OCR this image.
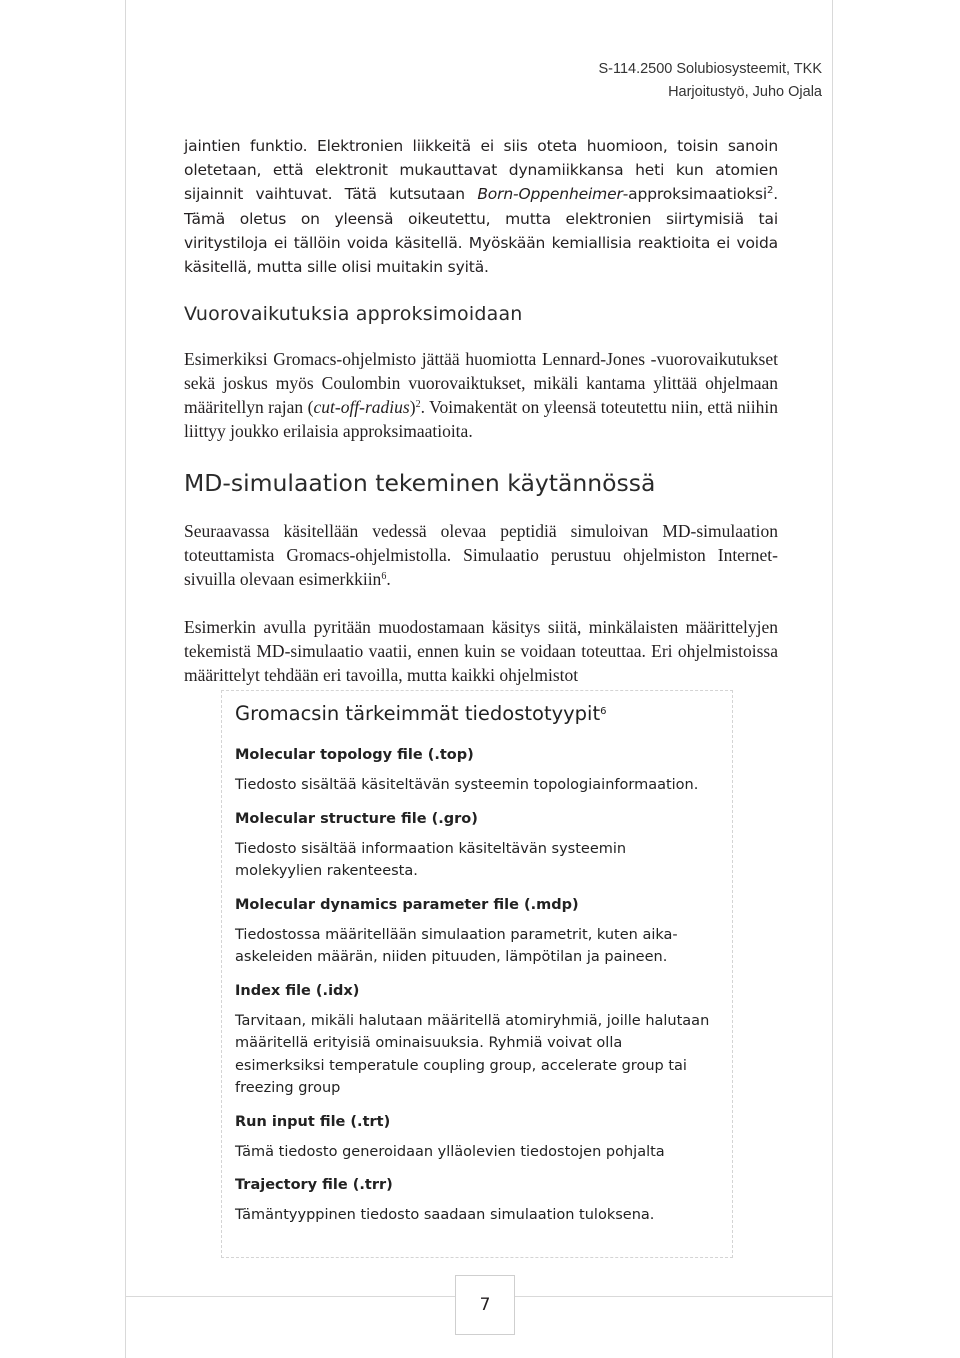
S-114.2500 Solubiosysteemit, TKK
Harjoitustyö, Juho Ojala

jaintien funktio. Elektronien liikkeitä ei siis oteta huomioon, toisin sanoin oletetaan, että elektronit mukauttavat dynamiikkansa heti kun atomien sijainnit vaihtuvat. Tätä kutsutaan Born-Oppenheimer-approksimaatioksi$^2$. Tämä oletus on yleensä oikeutettu, mutta elektronien siirtymisiä tai viritystiloja ei tällöin voida käsitellä. Myöskään kemiallisia reaktioita ei voida käsitellä, mutta sille olisi muitakin syitä.

Vuorovaikutuksia approksimoidaan

Esimerkiksi Gromacs-ohjelmisto jättää huomiotta Lennard-Jones -vuorovaikutukset sekä joskus myös Coulombin vuorovaiktukset, mikäli kantama ylittää ohjelmaan määritellyn rajan (cut-off-radius)$^2$. Voimakentät on yleensä toteutettu niin, että niihin liittyy joukko erilaisia approksimaatioita.

MD-simulaation tekeminen käytännössä

Seuraavassa käsitellään vedessä olevaa peptidiä simuloivan MD-simulaation toteuttamista Gromacs-ohjelmistolla. Simulaatio perustuu ohjelmiston Internet-sivuilla olevaan esimerkkiin$^6$.

Esimerkin avulla pyritään muodostamaan käsitys siitä, minkälaisten määrittelyjen tekemistä MD-simulaatio vaatii, ennen kuin se voidaan toteuttaa. Eri ohjelmistoissa määrittelyt tehdään eri tavoilla, mutta kaikki ohjelmistot

Gromacsin tärkeimmät tiedostotyypit$^6$
Molecular topology file (.top)
Tiedosto sisältää käsiteltävän systeemin topologiainformaation.
Molecular structure file (.gro)
Tiedosto sisältää informaation käsiteltävän systeemin molekyylien rakenteesta.
Molecular dynamics parameter file (.mdp)
Tiedostossa määritellään simulaation parametrit, kuten aika-askeleiden määrän, niiden pituuden, lämpötilan ja paineen.
Index file (.idx)
Tarvitaan, mikäli halutaan määritellä atomiryhmiä, joille halutaan määritellä erityisiä ominaisuuksia. Ryhmiä voivat olla esimerksiksi temperatule coupling group, accelerate group tai freezing group
Run input file (.trt)
Tämä tiedosto generoidaan ylläolevien tiedostojen pohjalta
Trajectory file (.trr)
Tämäntyyppinen tiedosto saadaan simulaation tuloksena.
7
